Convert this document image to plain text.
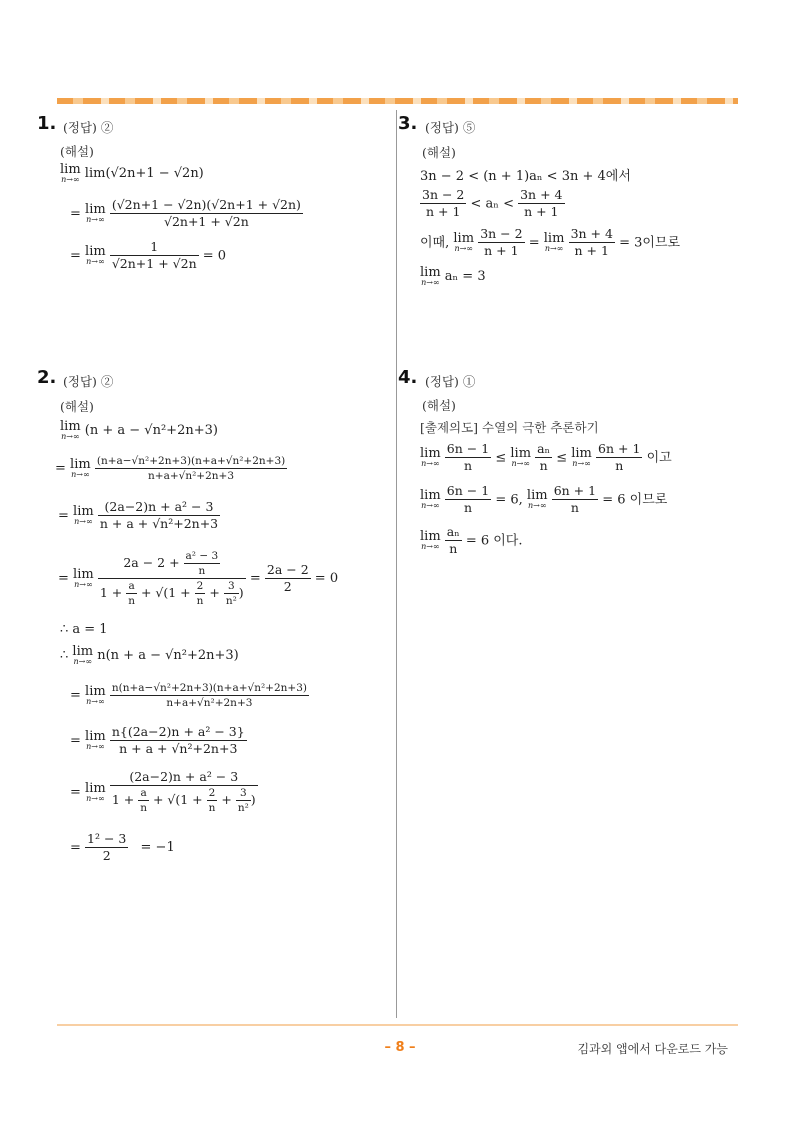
1. (정답) ②
(해설)
lim
n→∞ lim(√2n+1 − √2n)
= lim
n→∞
$\frac{(√2n+1 - √2n)(√2n+1 + √2n)}{√2n+1 + √2n}$
= lim
n→∞
$\frac{1}{√2n+1 + √2n} = 0$
2. (정답) ②
(해설)
lim
n→∞ (n + a − √n²+2n+3)
= lim
n→∞
$\frac{\text{(n+a−√n²+2n+3)(n+a+√n²+2n+3)}}{\text{n+a+√n²+2n+3}}$
= lim
n→∞
$\frac{\text{(2a−2)n + a² − 3}}{\text{n + a + √n²+2n+3}}$
= lim
n→∞
$\frac{2a - 2 + \frac{\text{a² − 3}}{n}}{1 + \frac{a}{n} + √(1 + \frac{2}{n} + \frac{3}{\text{n²}} )} = \frac{2a - 2}{2} = 0$
∴ a = 1
∴ lim
n→∞ n(n + a − √n²+2n+3)
= lim
n→∞
$\frac{\text{n(n+a−√n²+2n+3)(n+a+√n²+2n+3)}}{\text{n+a+√n²+2n+3}}$
= lim
n→∞
$\frac{\text{n\{(2a−2)n + a² − 3\}}}{\text{n + a + √n²+2n+3}}$
= lim
n→∞
$\frac{\text{(2a−2)n + a² − 3}}{1 + \frac{a}{n} + √(1 + \frac{2}{n} + \frac{3}{\text{n²}} )}$
= $\frac{\text{1² − 3}}{2} = -1$
3. (정답) ⑤
(해설)
3n − 2 < (n + 1)aₙ < 3n + 4에서
$\frac{3n - 2}{n + 1} < a_n < \frac{3n + 4}{n + 1}$
이때, lim
n→∞
$\frac{3n - 2}{n + 1} = \lim$
n→∞
$\frac{3n + 4}{n + 1} = 3$이므로
lim
n→∞ aₙ = 3
4. (정답) ①
(해설)
[출제의도] 수열의 극한 추론하기
lim
n→∞
$\frac{6n - 1}{n} \le \lim$
n→∞
$\frac{\text{aₙ}}{n} \le \lim$
n→∞
$\frac{6n + 1}{n}$ 이고
lim
n→∞
$\frac{6n - 1}{n} = 6$, lim
n→∞
$\frac{6n + 1}{n} = 6$ 이므로
lim
n→∞
$\frac{\text{aₙ}}{n} = 6$ 이다.
– 8 –	김과외 앱에서 다운로드 가능
